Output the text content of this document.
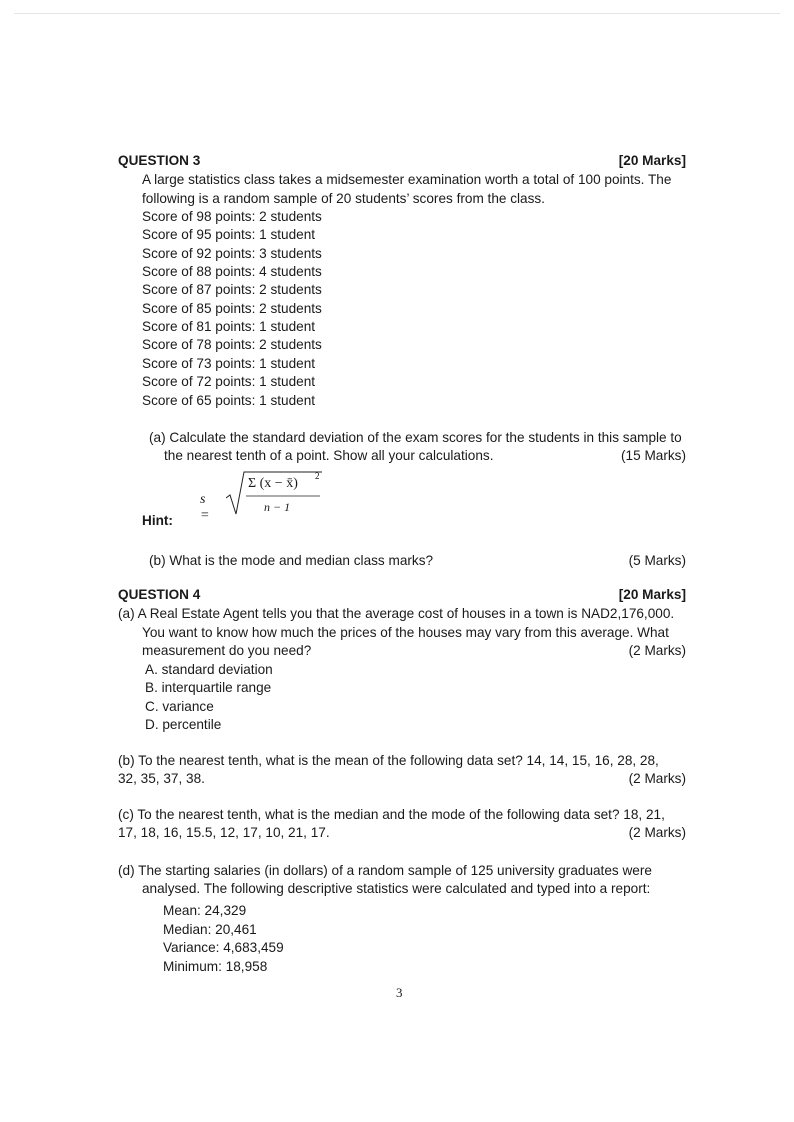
QUESTION 3	[20 Marks]
A large statistics class takes a midsemester examination worth a total of 100 points. The
following is a random sample of 20 students’ scores from the class.
Score of 98 points: 2 students
Score of 95 points: 1 student
Score of 92 points: 3 students
Score of 88 points: 4 students
Score of 87 points: 2 students
Score of 85 points: 2 students
Score of 81 points: 1 student
Score of 78 points: 2 students
Score of 73 points: 1 student
Score of 72 points: 1 student
Score of 65 points: 1 student
(a) Calculate the standard deviation of the exam scores for the students in this sample to
the nearest tenth of a point. Show all your calculations.	(15 Marks)
s =
Σ (x − x̄) 2
n − 1
Hint:
(b) What is the mode and median class marks?	(5 Marks)
QUESTION 4	[20 Marks]
(a) A Real Estate Agent tells you that the average cost of houses in a town is NAD2,176,000.
You want to know how much the prices of the houses may vary from this average. What
measurement do you need?	(2 Marks)
A. standard deviation
B. interquartile range
C. variance
D. percentile
(b) To the nearest tenth, what is the mean of the following data set? 14, 14, 15, 16, 28, 28,
32, 35, 37, 38.	(2 Marks)
(c) To the nearest tenth, what is the median and the mode of the following data set? 18, 21,
17, 18, 16, 15.5, 12, 17, 10, 21, 17.	(2 Marks)
(d) The starting salaries (in dollars) of a random sample of 125 university graduates were
analysed. The following descriptive statistics were calculated and typed into a report:
Mean: 24,329
Median: 20,461
Variance: 4,683,459
Minimum: 18,958
3
